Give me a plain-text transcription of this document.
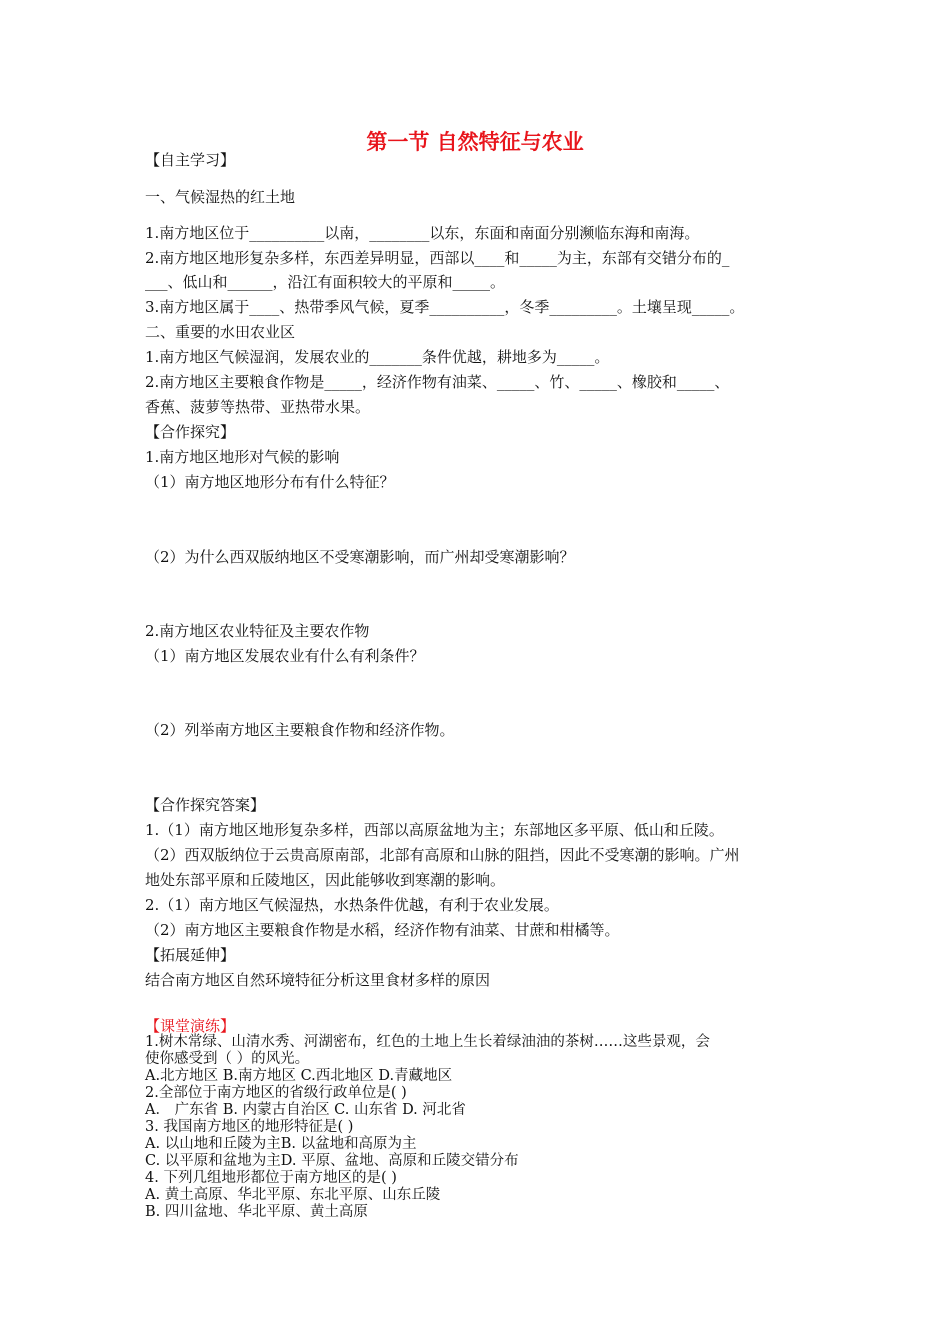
第一节 自然特征与农业
【自主学习】
一、气候湿热的红土地
1.南方地区位于__________以南，________以东，东面和南面分别濒临东海和南海。
2.南方地区地形复杂多样，东西差异明显，西部以____和_____为主，东部有交错分布的_
___、低山和______，沿江有面积较大的平原和_____。
3.南方地区属于____、热带季风气候，夏季__________，冬季_________。土壤呈现_____。
二、重要的水田农业区
1.南方地区气候湿润，发展农业的_______条件优越，耕地多为_____。
2.南方地区主要粮食作物是_____，经济作物有油菜、_____、竹、_____、橡胶和_____、
香蕉、菠萝等热带、亚热带水果。
【合作探究】
1.南方地区地形对气候的影响
（1）南方地区地形分布有什么特征？
（2）为什么西双版纳地区不受寒潮影响，而广州却受寒潮影响？
2.南方地区农业特征及主要农作物
（1）南方地区发展农业有什么有利条件？
（2）列举南方地区主要粮食作物和经济作物。
【合作探究答案】
1.（1）南方地区地形复杂多样，西部以高原盆地为主；东部地区多平原、低山和丘陵。
（2）西双版纳位于云贵高原南部，北部有高原和山脉的阻挡，因此不受寒潮的影响。广州
地处东部平原和丘陵地区，因此能够收到寒潮的影响。
2.（1）南方地区气候湿热，水热条件优越，有利于农业发展。
（2）南方地区主要粮食作物是水稻，经济作物有油菜、甘蔗和柑橘等。
【拓展延伸】
结合南方地区自然环境特征分析这里食材多样的原因
【课堂演练】
1.树木常绿、山清水秀、河湖密布，红色的土地上生长着绿油油的茶树……这些景观，会
使你感受到（ ）的风光。
A.北方地区 B.南方地区 C.西北地区 D.青藏地区
2.全部位于南方地区的省级行政单位是( )
A． 广东省 B. 内蒙古自治区 C. 山东省 D. 河北省
3. 我国南方地区的地形特征是( )
A. 以山地和丘陵为主B. 以盆地和高原为主
C. 以平原和盆地为主D. 平原、盆地、高原和丘陵交错分布
4. 下列几组地形都位于南方地区的是( )
A. 黄土高原、华北平原、东北平原、山东丘陵
B. 四川盆地、华北平原、黄土高原
